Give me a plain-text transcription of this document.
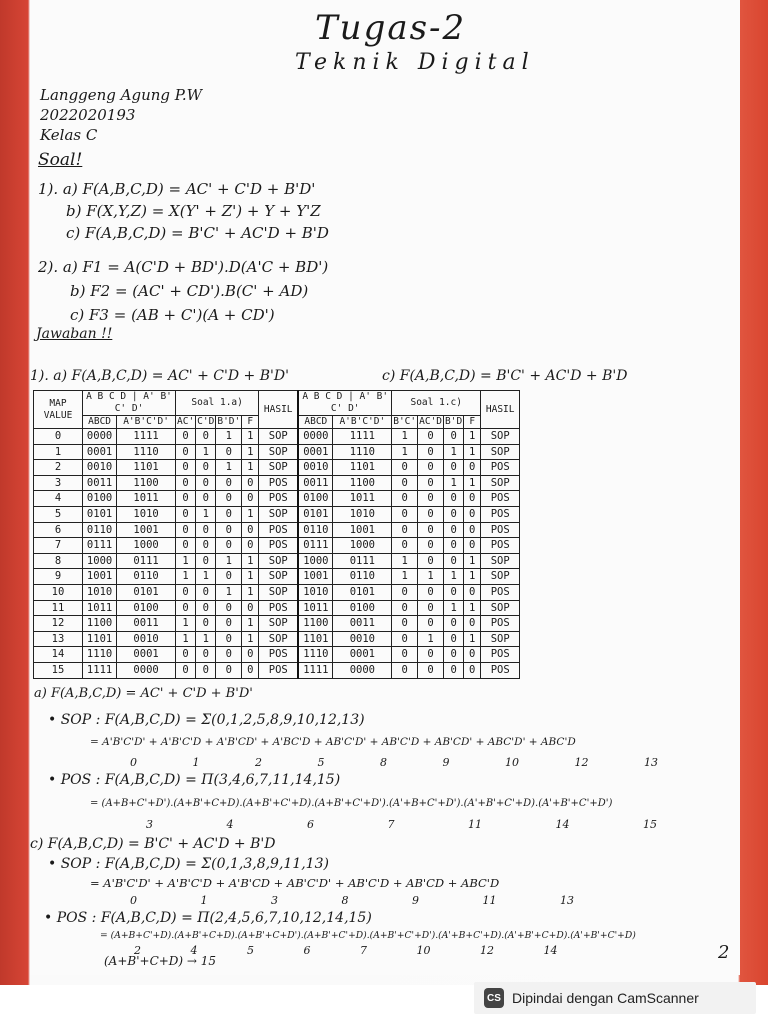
Tugas-2
Teknik Digital
Langgeng Agung P.W
2022020193
Kelas C
Soal!
1). a) F(A,B,C,D) = AC' + C'D + B'D'
b) F(X,Y,Z) = X(Y' + Z') + Y + Y'Z
c) F(A,B,C,D) = B'C' + AC'D + B'D
2). a) F1 = A(C'D + BD').D(A'C + BD')
b) F2 = (AC' + CD').B(C' + AD)
c) F3 = (AB + C')(A + CD')
Jawaban !!
1). a) F(A,B,C,D) = AC' + C'D + B'D'	c) F(A,B,C,D) = B'C' + AC'D + B'D
MAP VALUE	A B C D | A' B' C' D'		Soal 1.a)				HASIL	A B C D | A' B' C' D'		Soal 1.c)				HASIL
	ABCD	A'B'C'D'	AC'	C'D	B'D'	F		ABCD	A'B'C'D'	B'C'	AC'D	B'D	F	
0	0000	1111	0	0	1	1	SOP	0000	1111	1	0	0	1	SOP
1	0001	1110	0	1	0	1	SOP	0001	1110	1	0	1	1	SOP
2	0010	1101	0	0	1	1	SOP	0010	1101	0	0	0	0	POS
3	0011	1100	0	0	0	0	POS	0011	1100	0	0	1	1	SOP
4	0100	1011	0	0	0	0	POS	0100	1011	0	0	0	0	POS
5	0101	1010	0	1	0	1	SOP	0101	1010	0	0	0	0	POS
6	0110	1001	0	0	0	0	POS	0110	1001	0	0	0	0	POS
7	0111	1000	0	0	0	0	POS	0111	1000	0	0	0	0	POS
8	1000	0111	1	0	1	1	SOP	1000	0111	1	0	0	1	SOP
9	1001	0110	1	1	0	1	SOP	1001	0110	1	1	1	1	SOP
10	1010	0101	0	0	1	1	SOP	1010	0101	0	0	0	0	POS
11	1011	0100	0	0	0	0	POS	1011	0100	0	0	1	1	SOP
12	1100	0011	1	0	0	1	SOP	1100	0011	0	0	0	0	POS
13	1101	0010	1	1	0	1	SOP	1101	0010	0	1	0	1	SOP
14	1110	0001	0	0	0	0	POS	1110	0001	0	0	0	0	POS
15	1111	0000	0	0	0	0	POS	1111	0000	0	0	0	0	POS
a) F(A,B,C,D) = AC' + C'D + B'D'
• SOP : F(A,B,C,D) = Σ(0,1,2,5,8,9,10,12,13)
= A'B'C'D' + A'B'C'D + A'B'CD' + A'BC'D + AB'C'D' + AB'C'D + AB'CD' + ABC'D' + ABC'D
0 1 2 5 8 9 10 12 13
• POS : F(A,B,C,D) = Π(3,4,6,7,11,14,15)
= (A+B+C'+D').(A+B'+C+D).(A+B'+C'+D).(A+B'+C'+D').(A'+B+C'+D').(A'+B'+C'+D).(A'+B'+C'+D')
3 4 6 7 11 14 15
c) F(A,B,C,D) = B'C' + AC'D + B'D
• SOP : F(A,B,C,D) = Σ(0,1,3,8,9,11,13)
= A'B'C'D' + A'B'C'D + A'B'CD + AB'C'D' + AB'C'D + AB'CD + ABC'D
0 1 3 8 9 11 13
• POS : F(A,B,C,D) = Π(2,4,5,6,7,10,12,14,15)
= (A+B+C'+D).(A+B'+C+D).(A+B'+C+D').(A+B'+C'+D).(A+B'+C'+D').(A'+B+C'+D).(A'+B'+C+D).(A'+B'+C'+D)
2 4 5 6 7 10 12 14
(A+B'+C+D) → 15	2
CS Dipindai dengan CamScanner
